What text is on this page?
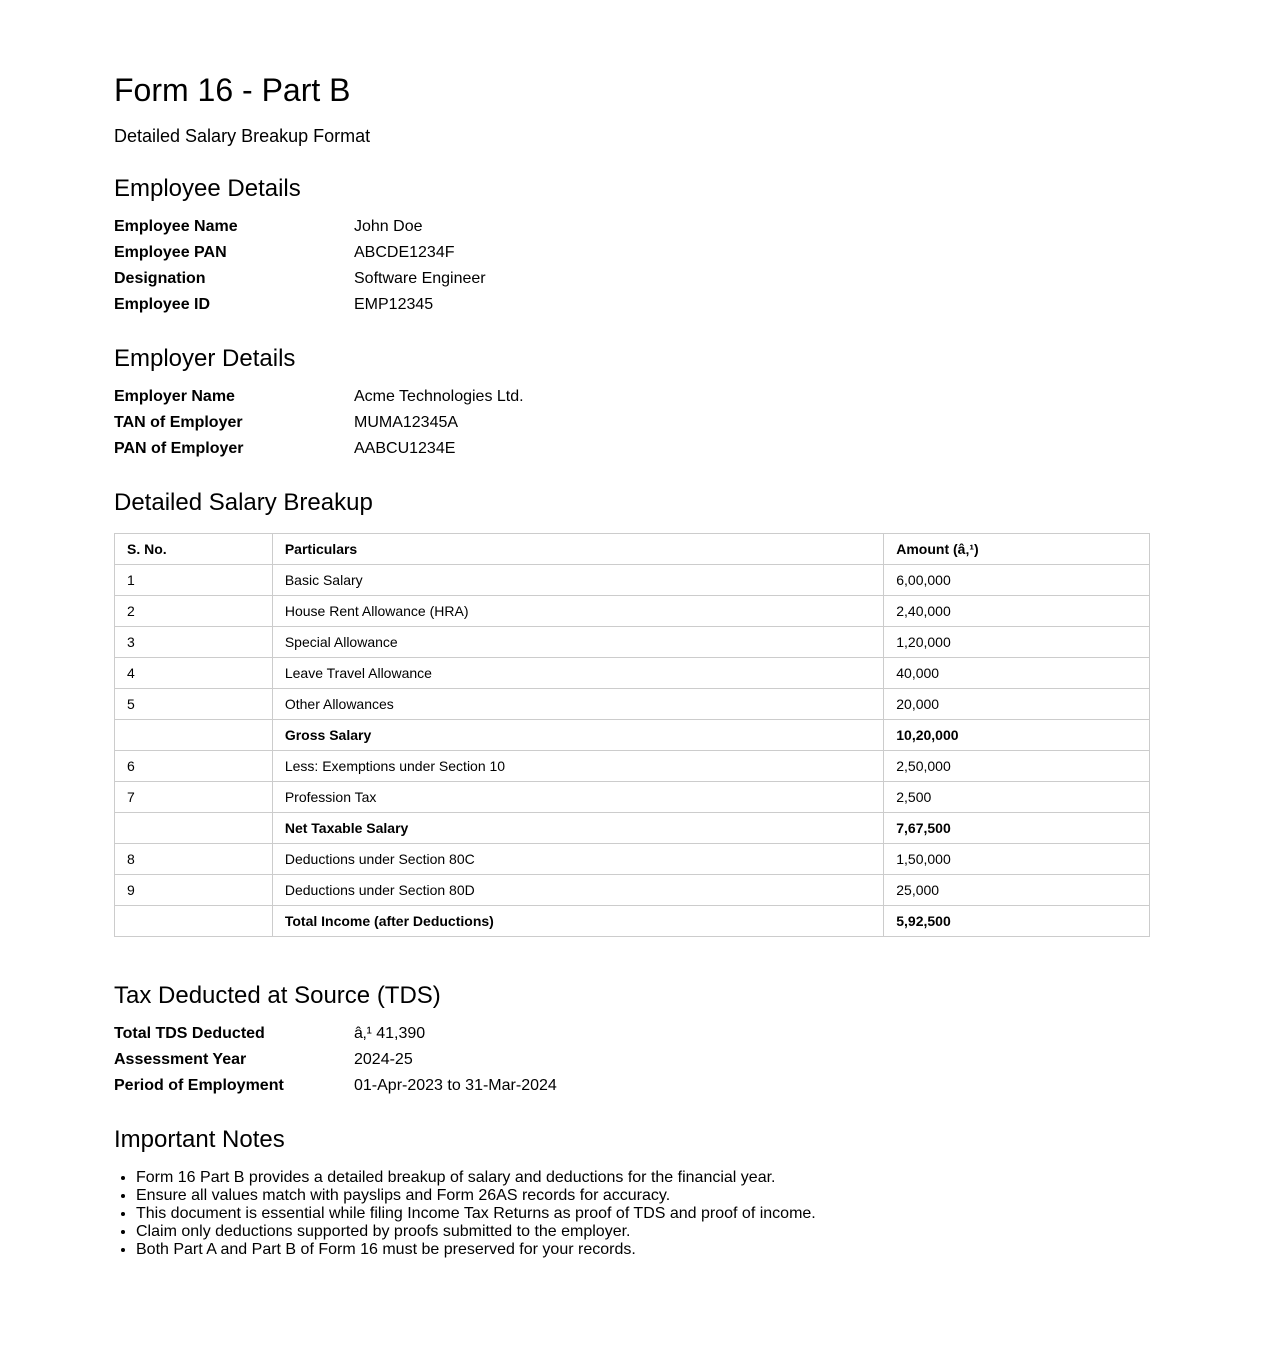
Form 16 - Part B

Detailed Salary Breakup Format

Employee Details
Employee Name	John Doe
Employee PAN	ABCDE1234F
Designation	Software Engineer
Employee ID	EMP12345
Employer Details
Employer Name	Acme Technologies Ltd.
TAN of Employer	MUMA12345A
PAN of Employer	AABCU1234E
Detailed Salary Breakup
S. No.	Particulars	Amount (â‚¹)
1	Basic Salary	6,00,000
2	House Rent Allowance (HRA)	2,40,000
3	Special Allowance	1,20,000
4	Leave Travel Allowance	40,000
5	Other Allowances	20,000
	Gross Salary	10,20,000
6	Less: Exemptions under Section 10	2,50,000
7	Profession Tax	2,500
	Net Taxable Salary	7,67,500
8	Deductions under Section 80C	1,50,000
9	Deductions under Section 80D	25,000
	Total Income (after Deductions)	5,92,500
Tax Deducted at Source (TDS)
Total TDS Deducted	â‚¹ 41,390
Assessment Year	2024-25
Period of Employment	01-Apr-2023 to 31-Mar-2024
Important Notes
• Form 16 Part B provides a detailed breakup of salary and deductions for the financial year.
• Ensure all values match with payslips and Form 26AS records for accuracy.
• This document is essential while filing Income Tax Returns as proof of TDS and proof of income.
• Claim only deductions supported by proofs submitted to the employer.
• Both Part A and Part B of Form 16 must be preserved for your records.
